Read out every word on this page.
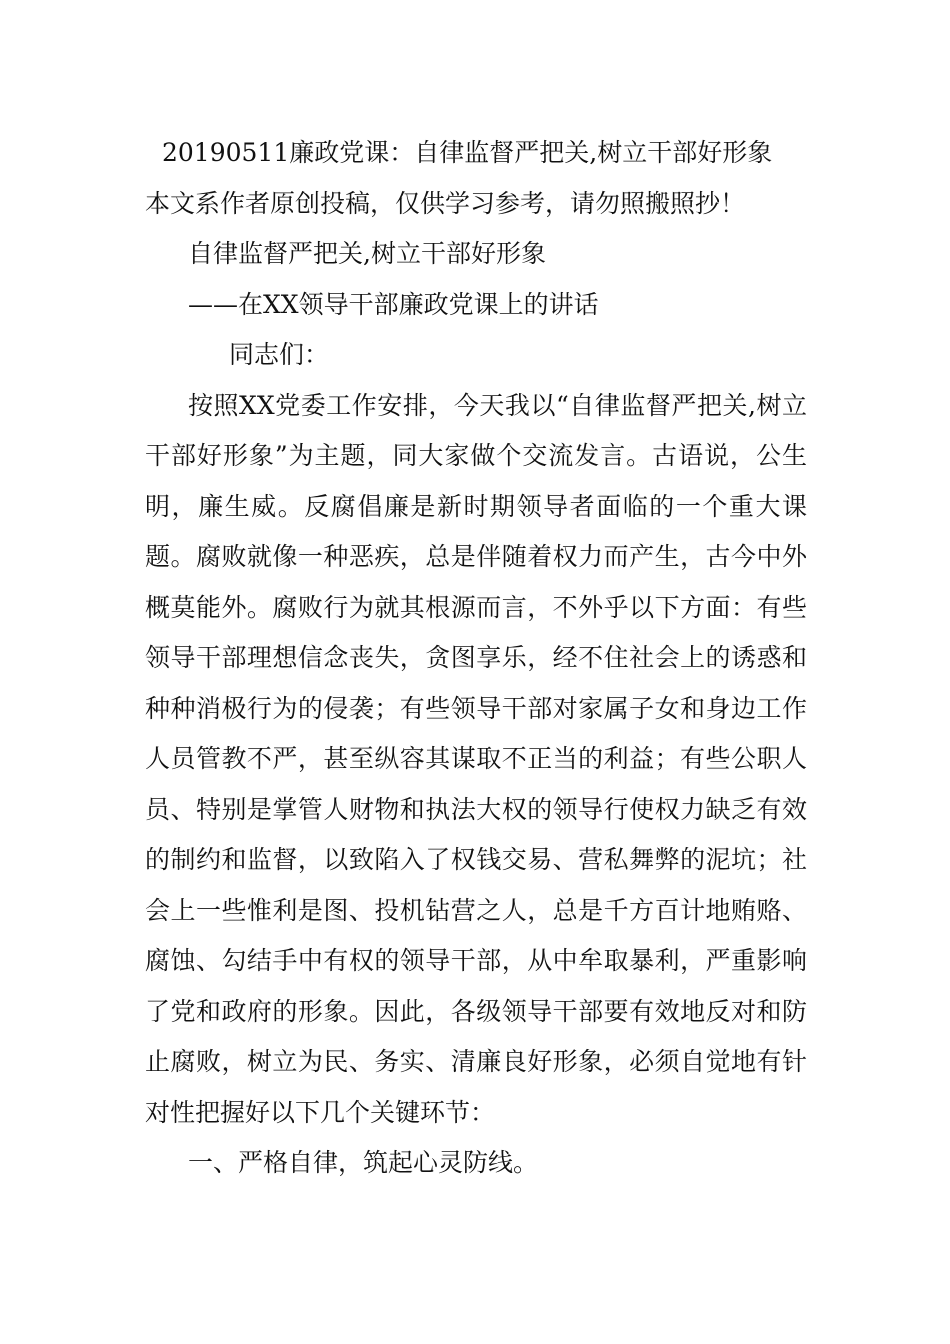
20190511廉政党课：自律监督严把关,树立干部好形象
本文系作者原创投稿，仅供学习参考，请勿照搬照抄！
自律监督严把关,树立干部好形象
——在XX领导干部廉政党课上的讲话
同志们：

按照XX党委工作安排，今天我以“自律监督严把关,树立干部好形象”为主题，同大家做个交流发言。古语说，公生明，廉生威。反腐倡廉是新时期领导者面临的一个重大课题。腐败就像一种恶疾，总是伴随着权力而产生，古今中外概莫能外。腐败行为就其根源而言，不外乎以下方面：有些领导干部理想信念丧失，贪图享乐，经不住社会上的诱惑和种种消极行为的侵袭；有些领导干部对家属子女和身边工作人员管教不严，甚至纵容其谋取不正当的利益；有些公职人员、特别是掌管人财物和执法大权的领导行使权力缺乏有效的制约和监督，以致陷入了权钱交易、营私舞弊的泥坑；社会上一些惟利是图、投机钻营之人，总是千方百计地贿赂、腐蚀、勾结手中有权的领导干部，从中牟取暴利，严重影响了党和政府的形象。因此，各级领导干部要有效地反对和防止腐败，树立为民、务实、清廉良好形象，必须自觉地有针对性把握好以下几个关键环节：

一、严格自律，筑起心灵防线。
